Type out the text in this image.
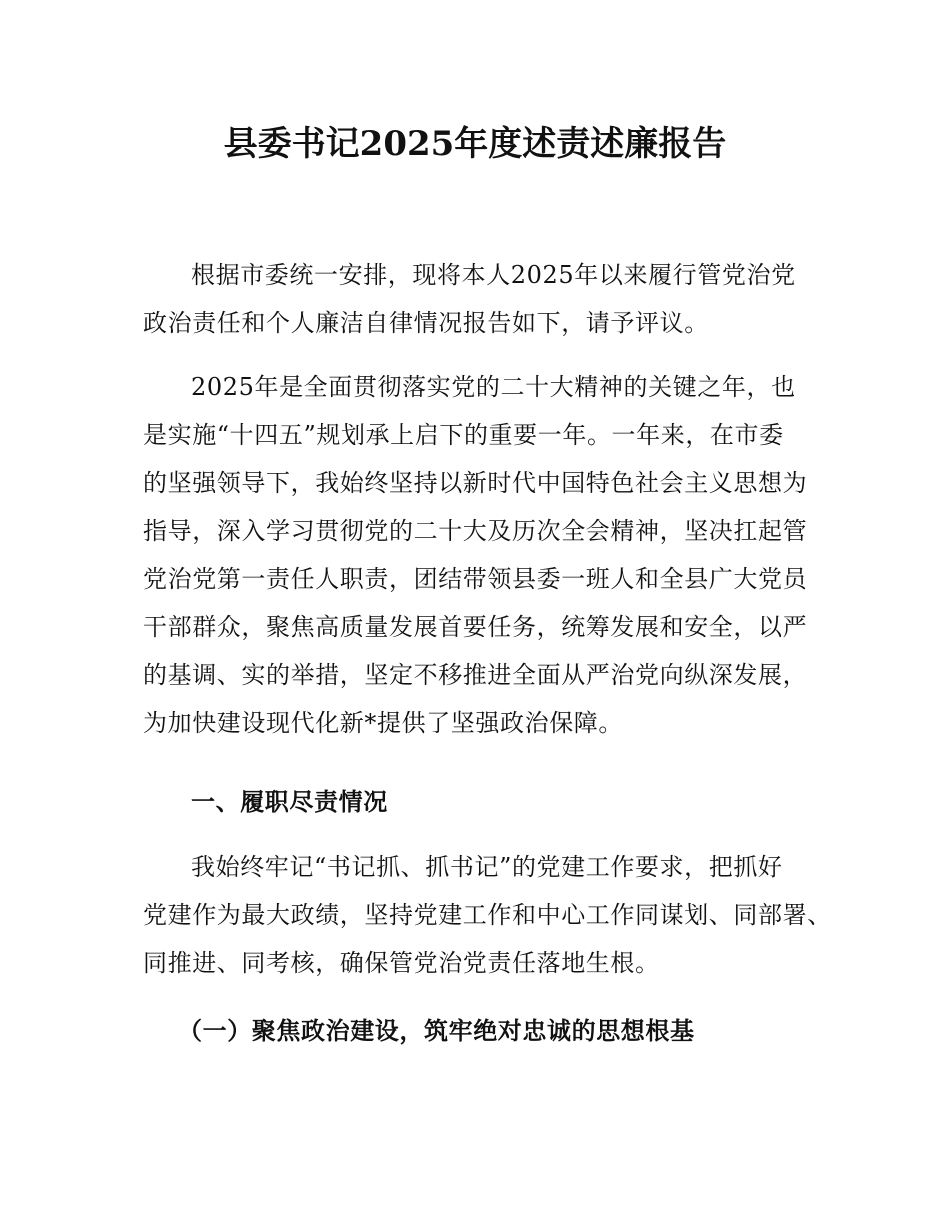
县委书记2025年度述责述廉报告
根据市委统一安排，现将本人2025年以来履行管党治党
政治责任和个人廉洁自律情况报告如下，请予评议。
2025年是全面贯彻落实党的二十大精神的关键之年，也
是实施“十四五”规划承上启下的重要一年。一年来，在市委
的坚强领导下，我始终坚持以新时代中国特色社会主义思想为
指导，深入学习贯彻党的二十大及历次全会精神，坚决扛起管
党治党第一责任人职责，团结带领县委一班人和全县广大党员
干部群众，聚焦高质量发展首要任务，统筹发展和安全，以严
的基调、实的举措，坚定不移推进全面从严治党向纵深发展，
为加快建设现代化新*提供了坚强政治保障。
一、履职尽责情况
我始终牢记“书记抓、抓书记”的党建工作要求，把抓好
党建作为最大政绩，坚持党建工作和中心工作同谋划、同部署、
同推进、同考核，确保管党治党责任落地生根。
（一）聚焦政治建设，筑牢绝对忠诚的思想根基
